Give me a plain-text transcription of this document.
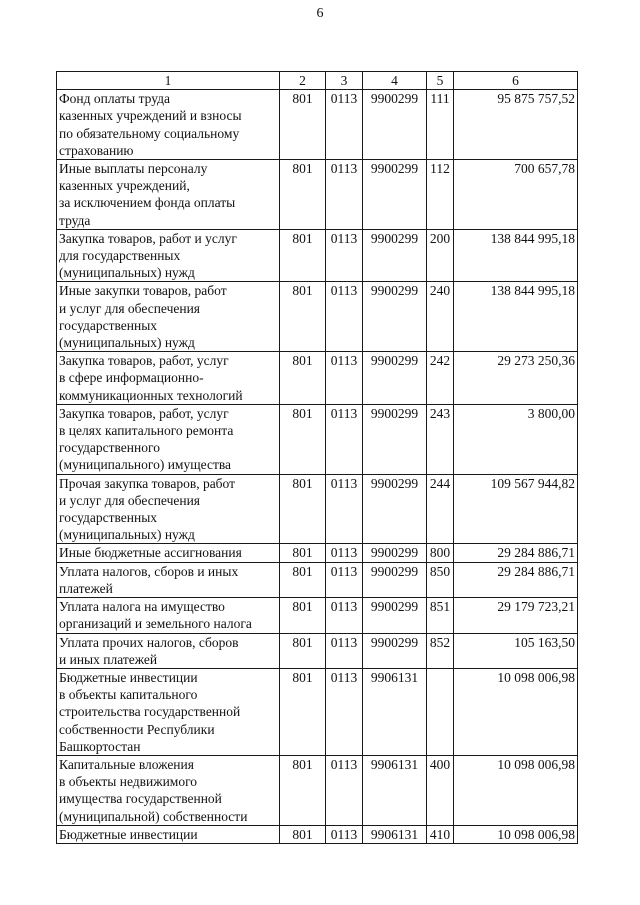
6
1	2	3	4	5	6
Фонд оплаты труда
казенных учреждений и взносы
по обязательному социальному
страхованию	801	0113	9900299	111	95 875 757,52
Иные выплаты персоналу
казенных учреждений,
за исключением фонда оплаты
труда	801	0113	9900299	112	700 657,78
Закупка товаров, работ и услуг
для государственных
(муниципальных) нужд	801	0113	9900299	200	138 844 995,18
Иные закупки товаров, работ
и услуг для обеспечения
государственных
(муниципальных) нужд	801	0113	9900299	240	138 844 995,18
Закупка товаров, работ, услуг
в сфере информационно-
коммуникационных технологий	801	0113	9900299	242	29 273 250,36
Закупка товаров, работ, услуг
в целях капитального ремонта
государственного
(муниципального) имущества	801	0113	9900299	243	3 800,00
Прочая закупка товаров, работ
и услуг для обеспечения
государственных
(муниципальных) нужд	801	0113	9900299	244	109 567 944,82
Иные бюджетные ассигнования	801	0113	9900299	800	29 284 886,71
Уплата налогов, сборов и иных
платежей	801	0113	9900299	850	29 284 886,71
Уплата налога на имущество
организаций и земельного налога	801	0113	9900299	851	29 179 723,21
Уплата прочих налогов, сборов
и иных платежей	801	0113	9900299	852	105 163,50
Бюджетные инвестиции
в объекты капитального
строительства государственной
собственности Республики
Башкортостан	801	0113	9906131		10 098 006,98
Капитальные вложения
в объекты недвижимого
имущества государственной
(муниципальной) собственности	801	0113	9906131	400	10 098 006,98
Бюджетные инвестиции	801	0113	9906131	410	10 098 006,98
